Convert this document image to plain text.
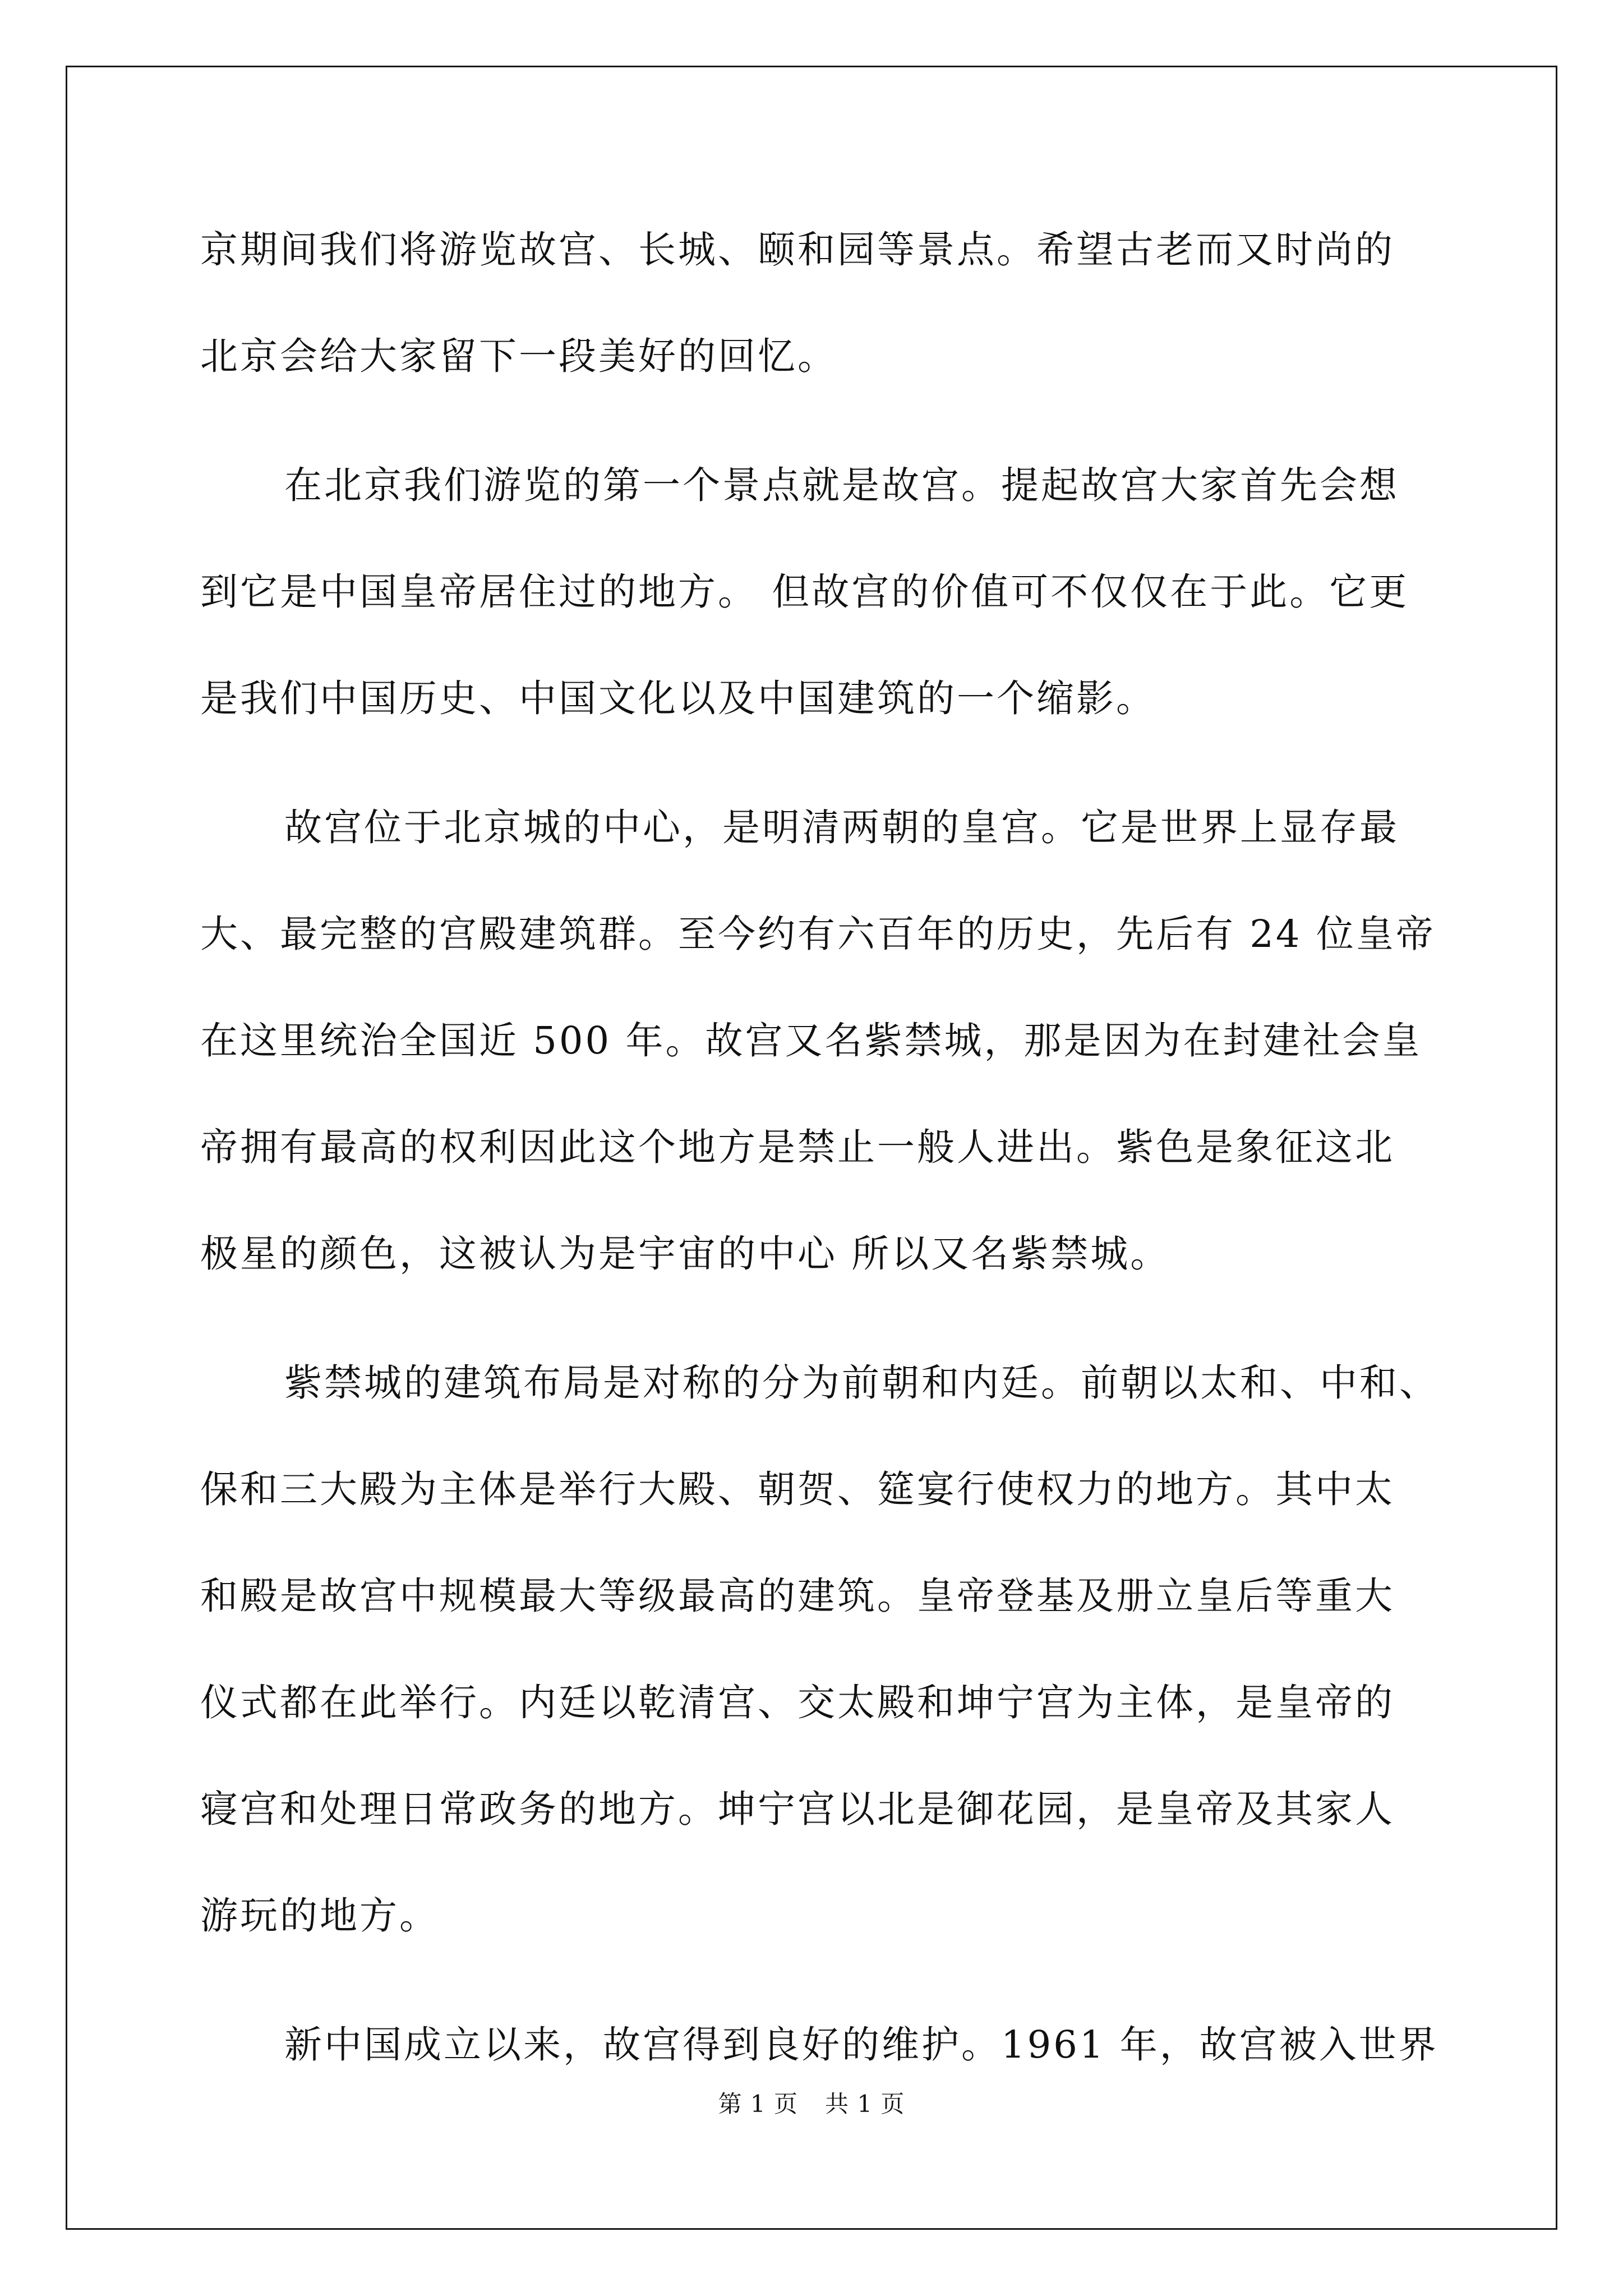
京期间我们将游览故宫、长城、颐和园等景点。希望古老而又时尚的
北京会给大家留下一段美好的回忆。
在北京我们游览的第一个景点就是故宫。提起故宫大家首先会想
到它是中国皇帝居住过的地方。 但故宫的价值可不仅仅在于此。它更
是我们中国历史、中国文化以及中国建筑的一个缩影。
故宫位于北京城的中心，是明清两朝的皇宫。它是世界上显存最
大、最完整的宫殿建筑群。至今约有六百年的历史，先后有 24 位皇帝
在这里统治全国近 500 年。故宫又名紫禁城，那是因为在封建社会皇
帝拥有最高的权利因此这个地方是禁止一般人进出。紫色是象征这北
极星的颜色，这被认为是宇宙的中心 所以又名紫禁城。
紫禁城的建筑布局是对称的分为前朝和内廷。前朝以太和、中和、
保和三大殿为主体是举行大殿、朝贺、筵宴行使权力的地方。其中太
和殿是故宫中规模最大等级最高的建筑。皇帝登基及册立皇后等重大
仪式都在此举行。内廷以乾清宫、交太殿和坤宁宫为主体，是皇帝的
寝宫和处理日常政务的地方。坤宁宫以北是御花园，是皇帝及其家人
游玩的地方。
新中国成立以来，故宫得到良好的维护。1961 年，故宫被入世界
第 1 页 共 1 页
